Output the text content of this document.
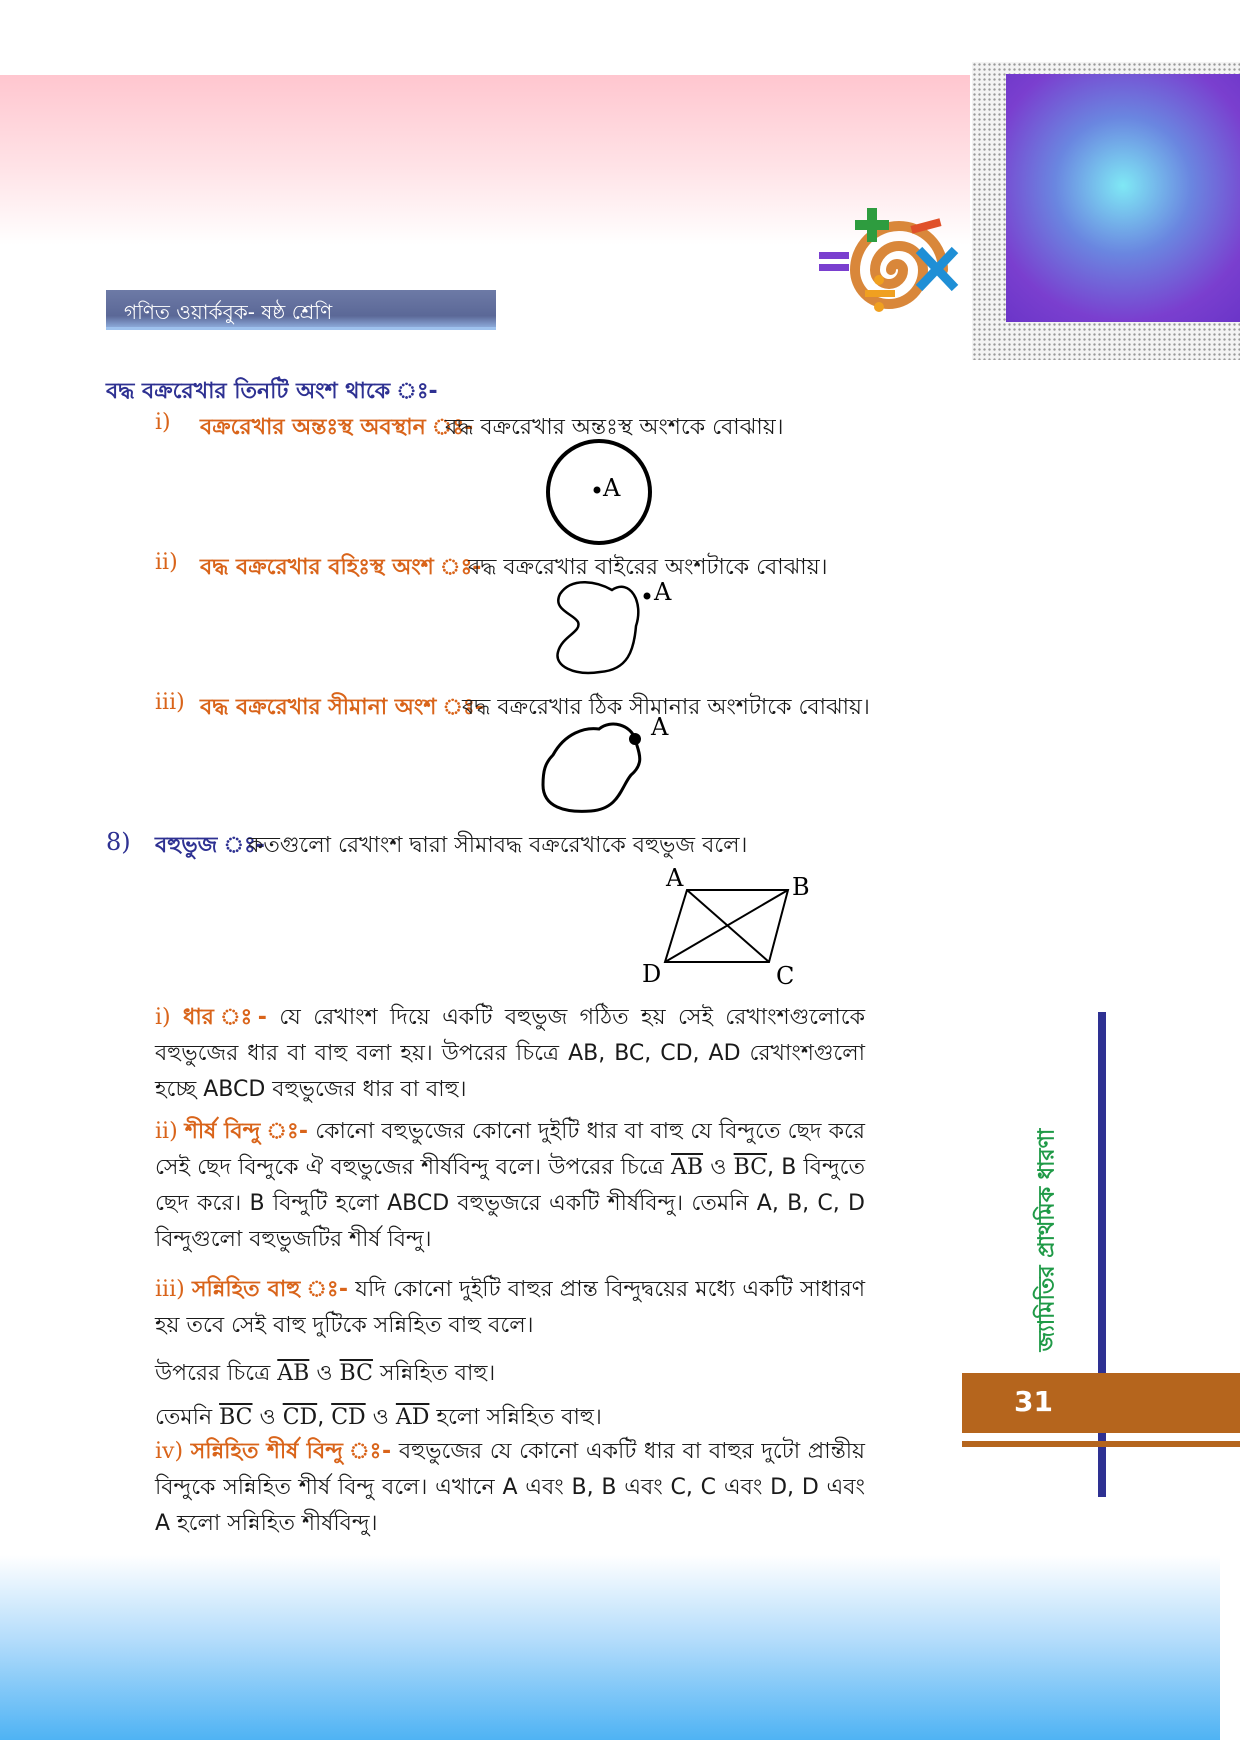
গণিত ওয়ার্কবুক- ষষ্ঠ শ্রেণি
বদ্ধ বক্ররেখার তিনটি অংশ থাকে ঃ-
i) বক্ররেখার অন্তঃস্থ অবস্থান ঃ-
বদ্ধ বক্ররেখার অন্তঃস্থ অংশকে বোঝায়।
A
ii) বদ্ধ বক্ররেখার বহিঃস্থ অংশ ঃ-
বদ্ধ বক্ররেখার বাইরের অংশটাকে বোঝায়।
A
iii) বদ্ধ বক্ররেখার সীমানা অংশ ঃ-
বদ্ধ বক্ররেখার ঠিক সীমানার অংশটাকে বোঝায়।
A
8) বহুভুজ ঃ-
কতগুলো রেখাংশ দ্বারা সীমাবদ্ধ বক্ররেখাকে বহুভুজ বলে।
A	B
C
D
i) ধার ঃ- যে রেখাংশ দিয়ে একটি বহুভুজ গঠিত হয় সেই রেখাংশগুলোকে বহুভুজের ধার বা বাহু বলা হয়। উপরের চিত্রে AB, BC, CD, AD রেখাংশগুলো হচ্ছে ABCD বহুভুজের ধার বা বাহু।
ii) শীর্ষ বিন্দু ঃ- কোনো বহুভুজের কোনো দুইটি ধার বা বাহু যে বিন্দুতে ছেদ করে সেই ছেদ বিন্দুকে ঐ বহুভুজের শীর্ষবিন্দু বলে। উপরের চিত্রে $\overline{AB}$ ও $\overline{BC}$, B বিন্দুতে ছেদ করে। B বিন্দুটি হলো ABCD বহুভুজরে একটি শীর্ষবিন্দু। তেমনি A, B, C, D বিন্দুগুলো বহুভুজটির শীর্ষ বিন্দু।
iii) সন্নিহিত বাহু ঃ- যদি কোনো দুইটি বাহুর প্রান্ত বিন্দুদ্বয়ের মধ্যে একটি সাধারণ হয় তবে সেই বাহু দুটিকে সন্নিহিত বাহু বলে।
উপরের চিত্রে $\overline{AB}$ ও $\overline{BC}$ সন্নিহিত বাহু।
তেমনি $\overline{BC}$ ও $\overline{CD}$, $\overline{CD}$ ও $\overline{AD}$ হলো সন্নিহিত বাহু।
iv) সন্নিহিত শীর্ষ বিন্দু ঃ- বহুভুজের যে কোনো একটি ধার বা বাহুর দুটো প্রান্তীয় বিন্দুকে সন্নিহিত শীর্ষ বিন্দু বলে। এখানে A এবং B, B এবং C, C এবং D, D এবং A হলো সন্নিহিত শীর্ষবিন্দু।
জ্যামিতির প্রাথমিক ধারণা
31
